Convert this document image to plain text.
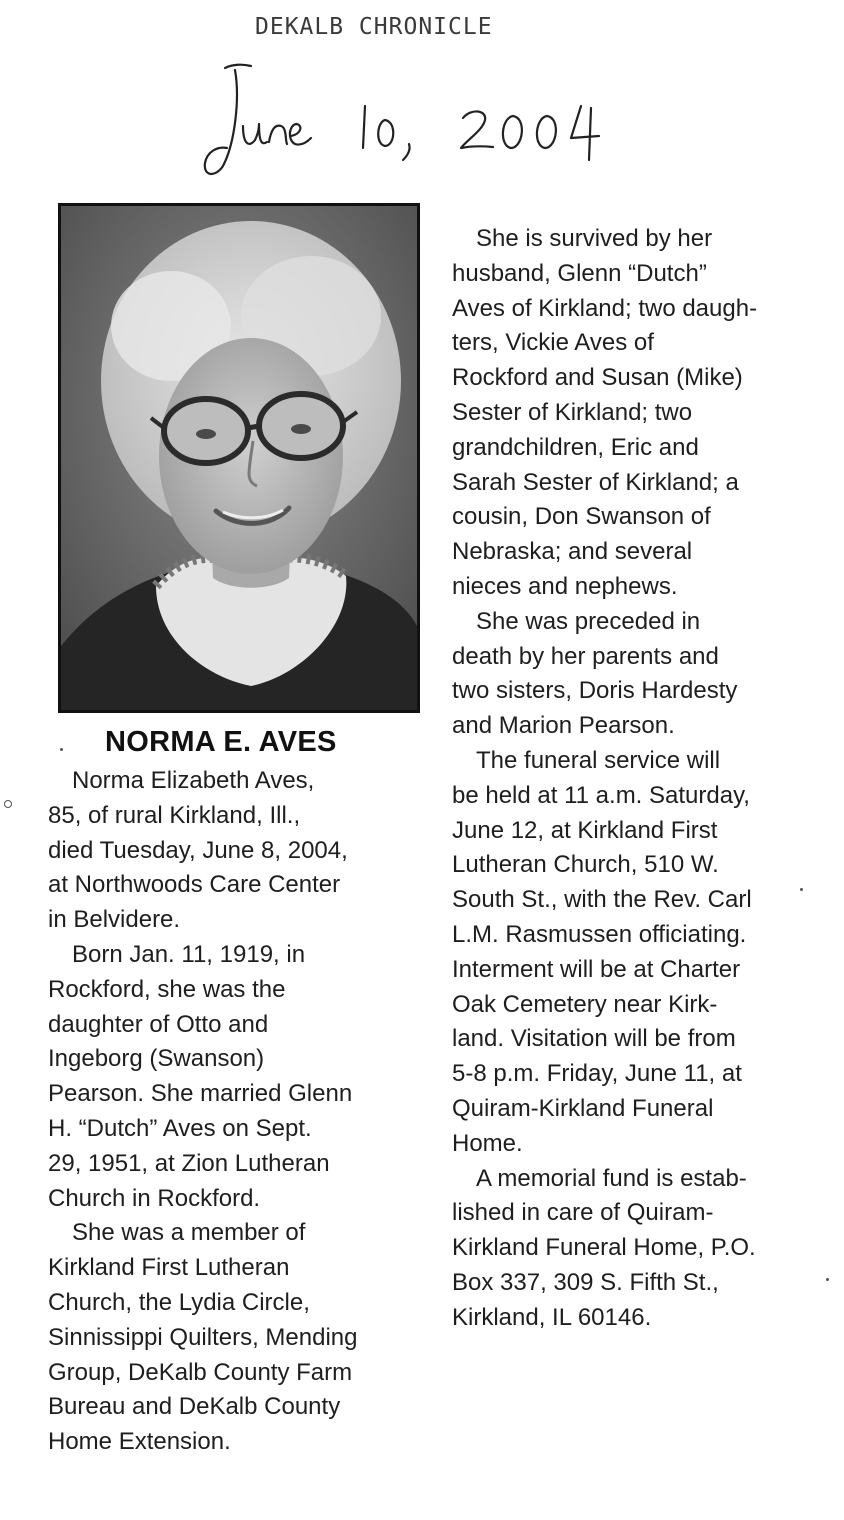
DEKALB CHRONICLE
June 10, 2004
NORMA E. AVES
 Norma Elizabeth Aves,
85, of rural Kirkland, Ill.,
died Tuesday, June 8, 2004,
at Northwoods Care Center
in Belvidere.
 Born Jan. 11, 1919, in
Rockford, she was the
daughter of Otto and
Ingeborg (Swanson)
Pearson. She married Glenn
H. “Dutch” Aves on Sept.
29, 1951, at Zion Lutheran
Church in Rockford.
 She was a member of
Kirkland First Lutheran
Church, the Lydia Circle,
Sinnissippi Quilters, Mending
Group, DeKalb County Farm
Bureau and DeKalb County
Home Extension.
 She is survived by her
husband, Glenn “Dutch”
Aves of Kirkland; two daugh-
ters, Vickie Aves of
Rockford and Susan (Mike)
Sester of Kirkland; two
grandchildren, Eric and
Sarah Sester of Kirkland; a
cousin, Don Swanson of
Nebraska; and several
nieces and nephews.
 She was preceded in
death by her parents and
two sisters, Doris Hardesty
and Marion Pearson.
 The funeral service will
be held at 11 a.m. Saturday,
June 12, at Kirkland First
Lutheran Church, 510 W.
South St., with the Rev. Carl
L.M. Rasmussen officiating.
Interment will be at Charter
Oak Cemetery near Kirk-
land. Visitation will be from
5-8 p.m. Friday, June 11, at
Quiram-Kirkland Funeral
Home.
 A memorial fund is estab-
lished in care of Quiram-
Kirkland Funeral Home, P.O.
Box 337, 309 S. Fifth St.,
Kirkland, IL 60146.
